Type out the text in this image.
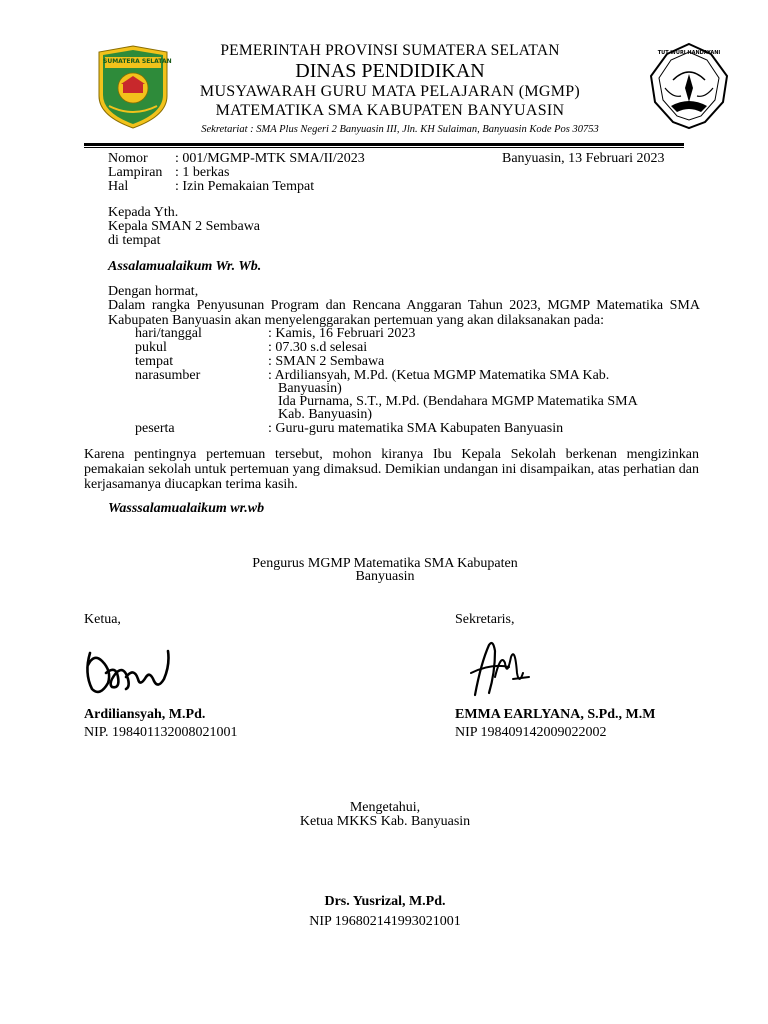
SUMATERA SELATAN
TUT WURI HANDAYANI
PEMERINTAH PROVINSI SUMATERA SELATAN
DINAS PENDIDIKAN
MUSYAWARAH GURU MATA PELAJARAN (MGMP)
MATEMATIKA SMA KABUPATEN BANYUASIN
Sekretariat : SMA Plus Negeri 2 Banyuasin III, Jln. KH Sulaiman, Banyuasin Kode Pos 30753
Nomor : 001/MGMP-MTK SMA/II/2023	Banyuasin, 13 Februari 2023
Lampiran : 1 berkas
Hal	: Izin Pemakaian Tempat
Kepada Yth.
Kepala SMAN 2 Sembawa
di tempat
Assalamualaikum Wr. Wb.
Dengan hormat,
Dalam rangka Penyusunan Program dan Rencana Anggaran Tahun 2023, MGMP Matematika SMA Kabupaten Banyuasin akan menyelenggarakan pertemuan yang akan dilaksanakan pada:
hari/tanggal	: Kamis, 16 Februari 2023
pukul	: 07.30 s.d selesai
tempat	: SMAN 2 Sembawa
narasumber	: Ardiliansyah, M.Pd. (Ketua MGMP Matematika SMA Kab.
Banyuasin)
Ida Purnama, S.T., M.Pd. (Bendahara MGMP Matematika SMA
Kab. Banyuasin)
peserta	: Guru-guru matematika SMA Kabupaten Banyuasin
Karena pentingnya pertemuan tersebut, mohon kiranya Ibu Kepala Sekolah berkenan mengizinkan pemakaian sekolah untuk pertemuan yang dimaksud. Demikian undangan ini disampaikan, atas perhatian dan kerjasamanya diucapkan terima kasih.
Wasssalamualaikum wr.wb
Pengurus MGMP Matematika SMA Kabupaten
Banyuasin
Ketua,	Sekretaris,
Ardiliansyah, M.Pd.	EMMA EARLYANA, S.Pd., M.M
NIP. 198401132008021001	NIP 198409142009022002
Mengetahui,
Ketua MKKS Kab. Banyuasin
Drs. Yusrizal, M.Pd.
NIP 196802141993021001
